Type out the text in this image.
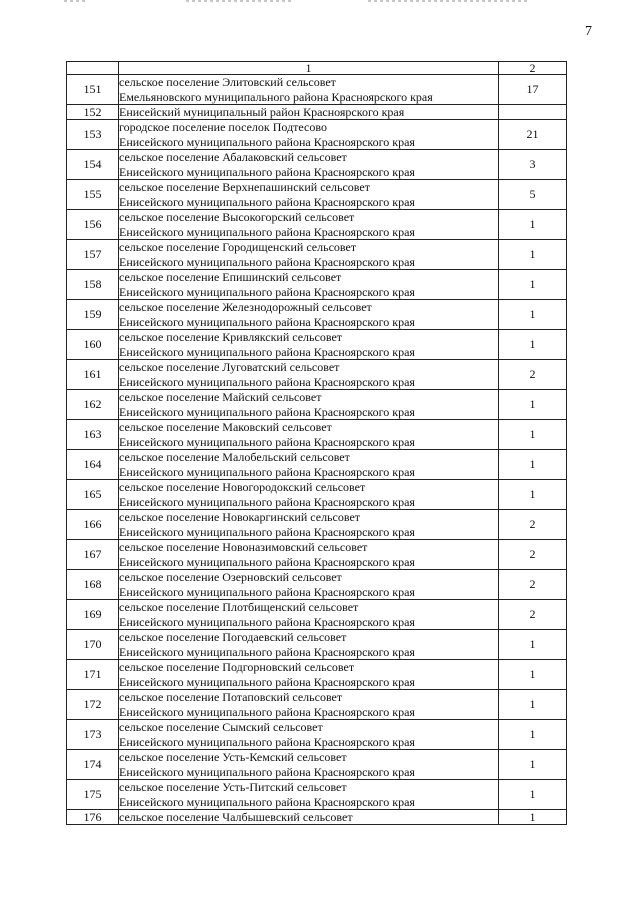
7
	1	2
151	сельское поселение Элитовский сельсовет
Емельяновского муниципального района Красноярского края	17
152	Енисейский муниципальный район Красноярского края	

153	городское поселение поселок Подтесово
Енисейского муниципального района Красноярского края	21
154	сельское поселение Абалаковский сельсовет
Енисейского муниципального района Красноярского края	3
155	сельское поселение Верхнепашинский сельсовет
Енисейского муниципального района Красноярского края	5
156	сельское поселение Высокогорский сельсовет
Енисейского муниципального района Красноярского края	1
157	сельское поселение Городищенский сельсовет
Енисейского муниципального района Красноярского края	1
158	сельское поселение Епишинский сельсовет
Енисейского муниципального района Красноярского края	1
159	сельское поселение Железнодорожный сельсовет
Енисейского муниципального района Красноярского края	1
160	сельское поселение Кривлякский сельсовет
Енисейского муниципального района Красноярского края	1
161	сельское поселение Луговатский сельсовет
Енисейского муниципального района Красноярского края	2
162	сельское поселение Майский сельсовет
Енисейского муниципального района Красноярского края	1
163	сельское поселение Маковский сельсовет
Енисейского муниципального района Красноярского края	1
164	сельское поселение Малобельский сельсовет
Енисейского муниципального района Красноярского края	1
165	сельское поселение Новогородокский сельсовет
Енисейского муниципального района Красноярского края	1
166	сельское поселение Новокаргинский сельсовет
Енисейского муниципального района Красноярского края	2
167	сельское поселение Новоназимовский сельсовет
Енисейского муниципального района Красноярского края	2
168	сельское поселение Озерновский сельсовет
Енисейского муниципального района Красноярского края	2
169	сельское поселение Плотбищенский сельсовет
Енисейского муниципального района Красноярского края	2
170	сельское поселение Погодаевский сельсовет
Енисейского муниципального района Красноярского края	1
171	сельское поселение Подгорновский сельсовет
Енисейского муниципального района Красноярского края	1
172	сельское поселение Потаповский сельсовет
Енисейского муниципального района Красноярского края	1
173	сельское поселение Сымский сельсовет
Енисейского муниципального района Красноярского края	1
174	сельское поселение Усть-Кемский сельсовет
Енисейского муниципального района Красноярского края	1
175	сельское поселение Усть-Питский сельсовет
Енисейского муниципального района Красноярского края	1
176	сельское поселение Чалбышевский сельсовет	1
